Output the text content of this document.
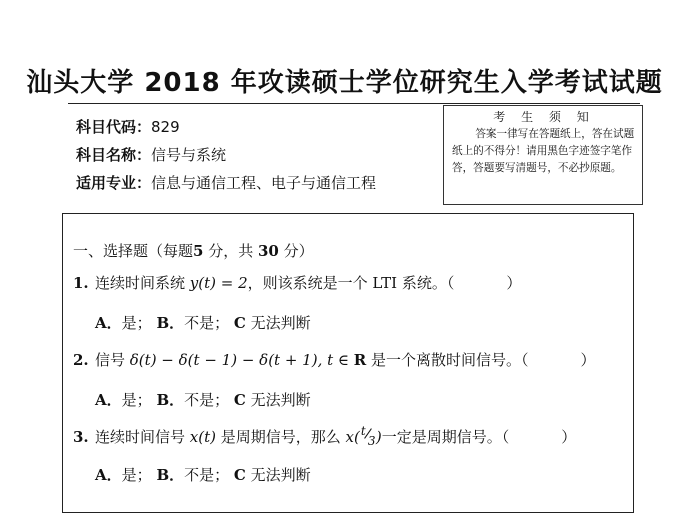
汕头大学 2018 年攻读硕士学位研究生入学考试试题
科目代码：829
科目名称：信号与系统
适用专业：信息与通信工程、电子与通信工程
考 生 须 知
答案一律写在答题纸上，答在试题纸上的不得分！请用黑色字迹签字笔作答，答题要写清题号，不必抄原题。
一、选择题（每题5 分，共 30 分）
1. 连续时间系统 y(t) = 2，则该系统是一个 LTI 系统。（	）
A．是； B．不是； C 无法判断
2. 信号 δ(t) − δ(t − 1) − δ(t + 1), t ∈ R 是一个离散时间信号。（	）
A．是； B．不是； C 无法判断
3. 连续时间信号 x(t) 是周期信号，那么 x( t
3 )一定是周期信号。（	）
A．是； B．不是； C 无法判断
